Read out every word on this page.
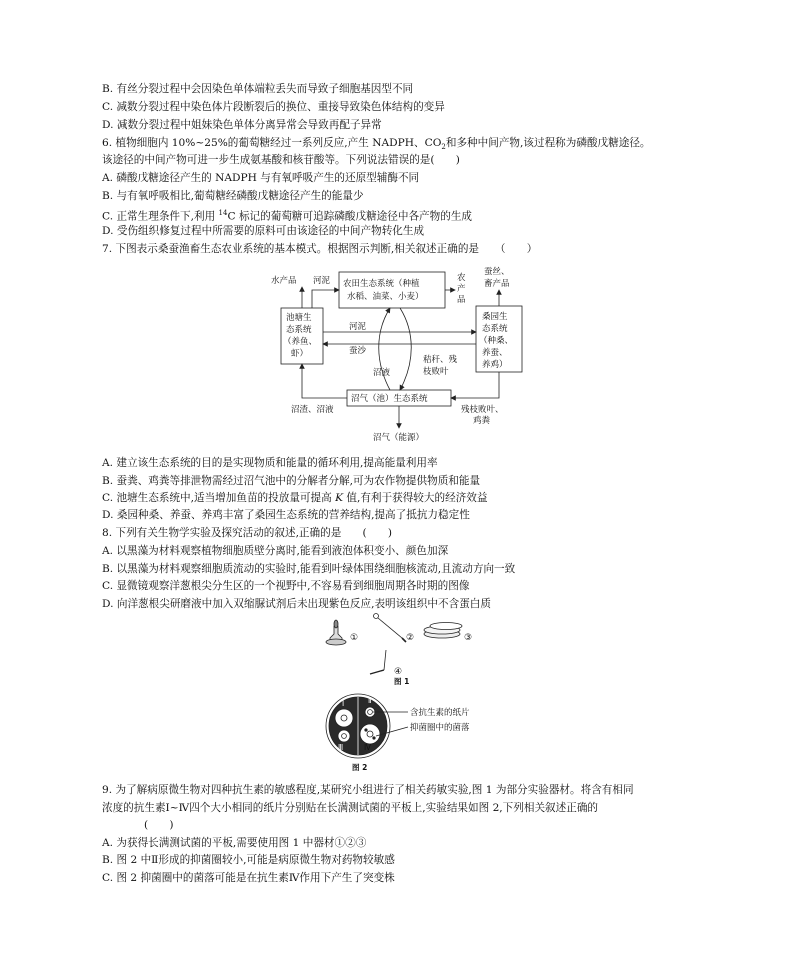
B. 有丝分裂过程中会因染色单体端粒丢失而导致子细胞基因型不同
C. 减数分裂过程中染色体片段断裂后的换位、重接导致染色体结构的变异
D. 减数分裂过程中姐妹染色单体分离异常会导致再配子异常
6. 植物细胞内 10%~25%的葡萄糖经过一系列反应,产生 NADPH、$CO_2$和多种中间产物,该过程称为磷酸戊糖途径。
该途径的中间产物可进一步生成氨基酸和核苷酸等。下列说法错误的是(　　)
A. 磷酸戊糖途径产生的 NADPH 与有氧呼吸产生的还原型辅酶不同
B. 与有氧呼吸相比,葡萄糖经磷酸戊糖途径产生的能量少
C. 正常生理条件下,利用 $^{14}$C 标记的葡萄糖可追踪磷酸戊糖途径中各产物的生成
D. 受伤组织修复过程中所需要的原料可由该途径的中间产物转化生成
7. 下图表示桑蚕渔畜生态农业系统的基本模式。根据图示判断,相关叙述正确的是　　（　　）
农田生态系统（种植
水稻、油菜、小麦）
池塘生
态系统
（养鱼、
虾）
桑园生
态系统
（种桑、
养蚕、
养鸡）
沼气（池）生态系统
水产品 河泥	农
产
品
蚕丝、
畜产品
河泥
蚕沙
沼液
秸秆、残
枝败叶
沼渣、沼液	残枝败叶、
鸡粪
沼气（能源）
A. 建立该生态系统的目的是实现物质和能量的循环利用,提高能量利用率
B. 蚕粪、鸡粪等排泄物需经过沼气池中的分解者分解,可为农作物提供物质和能量
C. 池塘生态系统中,适当增加鱼苗的投放量可提高 K 值,有利于获得较大的经济效益
D. 桑园种桑、养蚕、养鸡丰富了桑园生态系统的营养结构,提高了抵抗力稳定性
8. 下列有关生物学实验及探究活动的叙述,正确的是　　(　　)
A. 以黑藻为材料观察植物细胞质壁分离时,能看到液泡体积变小、颜色加深
B. 以黑藻为材料观察细胞质流动的实验时,能看到叶绿体围绕细胞核流动,且流动方向一致
C. 显微镜观察洋葱根尖分生区的一个视野中,不容易看到细胞周期各时期的图像
D. 向洋葱根尖研磨液中加入双缩脲试剂后未出现紫色反应,表明该组织中不含蛋白质
①	②	③
④
图 1
Ⅰ	Ⅱ
Ⅲ	Ⅳ
含抗生素的纸片
抑菌圈中的菌落
图 2
9. 为了解病原微生物对四种抗生素的敏感程度,某研究小组进行了相关药敏实验,图 1 为部分实验器材。将含有相同
浓度的抗生素Ⅰ~Ⅳ四个大小相同的纸片分别贴在长满测试菌的平板上,实验结果如图 2,下列相关叙述正确的
(　　)
A. 为获得长满测试菌的平板,需要使用图 1 中器材①②③
B. 图 2 中Ⅱ形成的抑菌圈较小,可能是病原微生物对药物较敏感
C. 图 2 抑菌圈中的菌落可能是在抗生素Ⅳ作用下产生了突变株
